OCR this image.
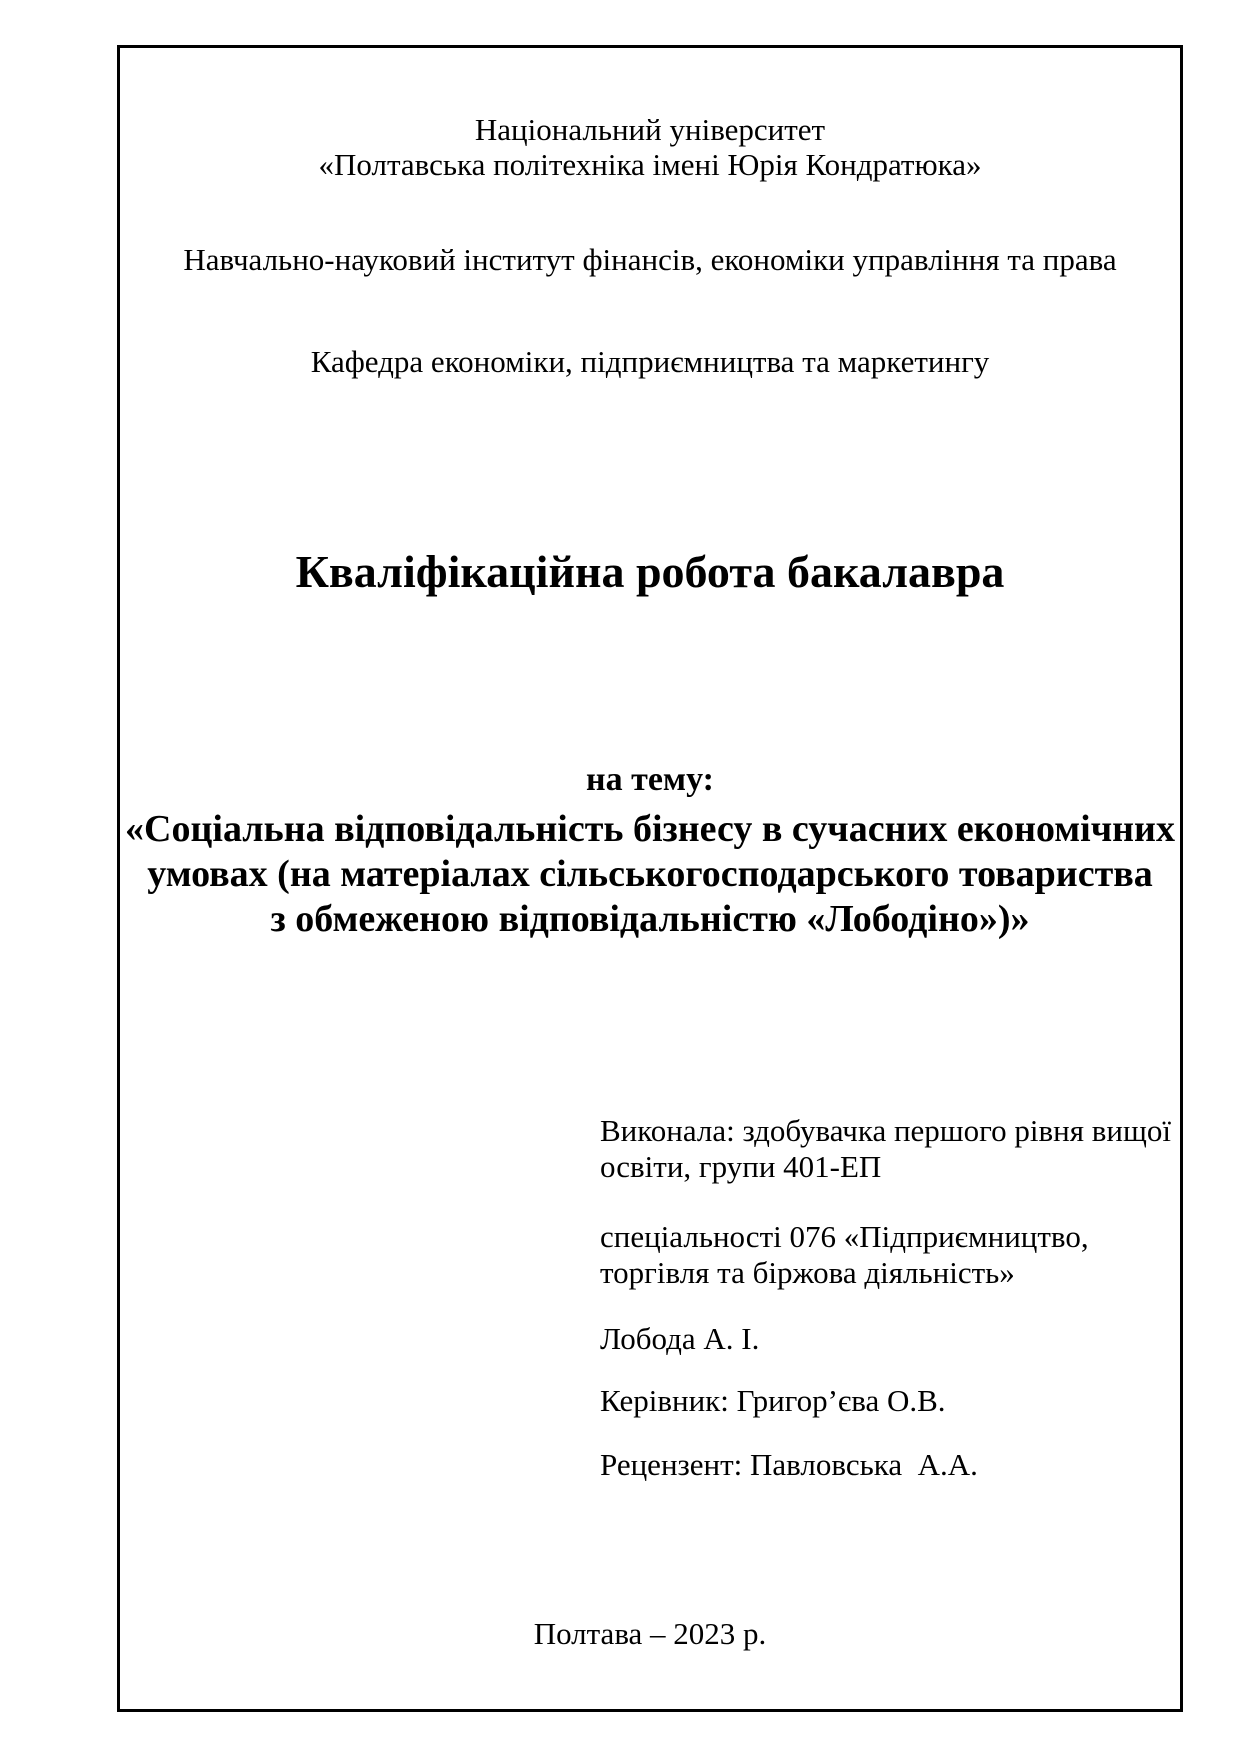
Національний університет
«Полтавська політехніка імені Юрія Кондратюка»
Навчально-науковий інститут фінансів, економіки управління та права
Кафедра економіки, підприємництва та маркетингу
Кваліфікаційна робота бакалавра
на тему:
«Соціальна відповідальність бізнесу в сучасних економічних
умовах (на матеріалах сільськогосподарського товариства
з обмеженою відповідальністю «Лободіно»)»
Виконала: здобувачка першого рівня вищої
освіти, групи 401-ЕП
спеціальності 076 «Підприємництво,
торгівля та біржова діяльність»
Лобода А. І.
Керівник: Григор’єва О.В.
Рецензент: Павловська  А.А.
Полтава – 2023 р.
